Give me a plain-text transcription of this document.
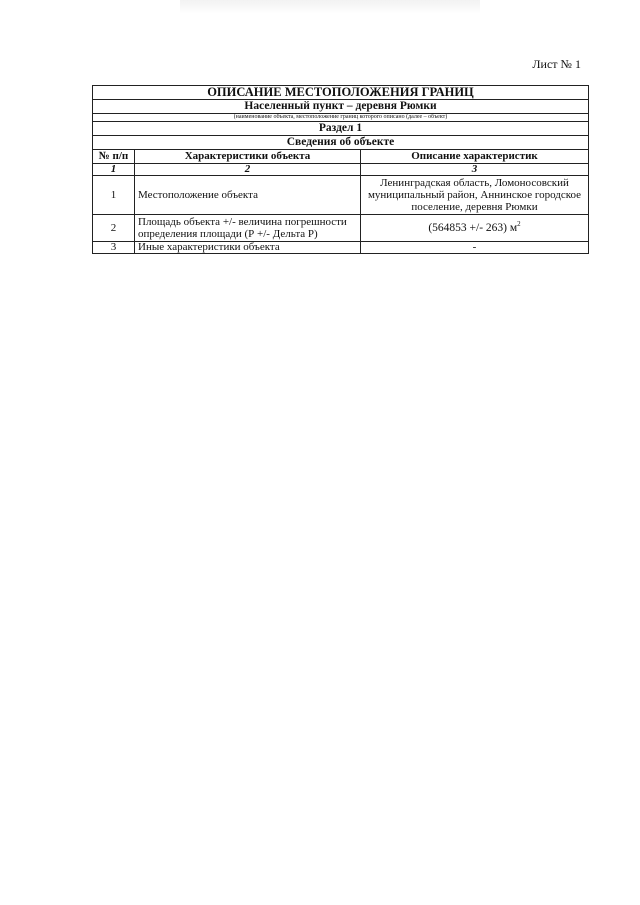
Лист № 1
ОПИСАНИЕ МЕСТОПОЛОЖЕНИЯ ГРАНИЦ		
Населенный пункт – деревня Рюмки		
(наименование объекта, местоположение границ которого описано (далее – объект)		
Раздел 1		
Сведения об объекте		
№ п/п	Характеристики объекта	Описание характеристик
1	2	3
1	Местоположение объекта	Ленинградская область, Ломоносовский муниципальный район, Аннинское городское поселение, деревня Рюмки
2	Площадь объекта +/- величина погрешности определения площади (Р +/- Дельта Р)	(564853 +/- 263) $м^2$
3	Иные характеристики объекта	-
